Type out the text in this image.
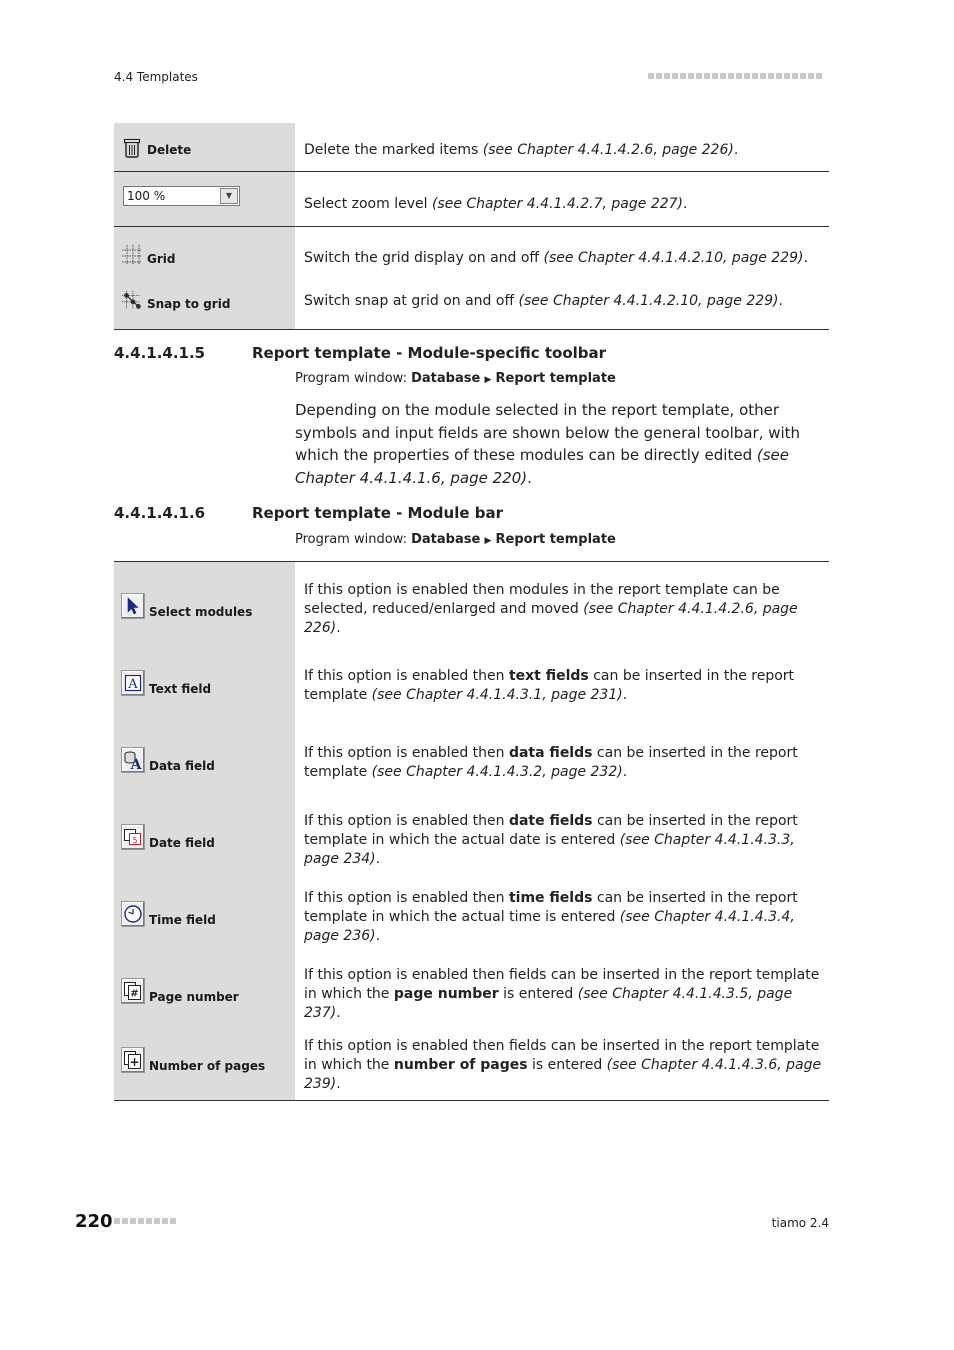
4.4 Templates
Delete	Delete the marked items (see Chapter 4.4.1.4.2.6, page 226).

100 % ▼	Select zoom level (see Chapter 4.4.1.4.2.7, page 227).

Grid	Switch the grid display on and off (see Chapter 4.4.1.4.2.10, page 229).

Snap to grid	Switch snap at grid on and off (see Chapter 4.4.1.4.2.10, page 229).
4.4.1.4.1.5	Report template - Module-specific toolbar
Program window: Database ▶ Report template
Depending on the module selected in the report template, other symbols and input fields are shown below the general toolbar, with which the properties of these modules can be directly edited (see Chapter 4.4.1.4.1.6, page 220).
4.4.1.4.1.6	Report template - Module bar
Program window: Database ▶ Report template
Select modules	If this option is enabled then modules in the report template can be selected, reduced/enlarged and moved (see Chapter 4.4.1.4.2.6, page 226).

A Text field	If this option is enabled then text fields can be inserted in the report template (see Chapter 4.4.1.4.3.1, page 231).

A Data field	If this option is enabled then data fields can be inserted in the report template (see Chapter 4.4.1.4.3.2, page 232).

5 Date field	If this option is enabled then date fields can be inserted in the report template in which the actual date is entered (see Chapter 4.4.1.4.3.3, page 234).

Time field	If this option is enabled then time fields can be inserted in the report template in which the actual time is entered (see Chapter 4.4.1.4.3.4, page 236).

# Page number	If this option is enabled then fields can be inserted in the report template in which the page number is entered (see Chapter 4.4.1.4.3.5, page 237).

+ Number of pages	If this option is enabled then fields can be inserted in the report template in which the number of pages is entered (see Chapter 4.4.1.4.3.6, page 239).
220	tiamo 2.4
